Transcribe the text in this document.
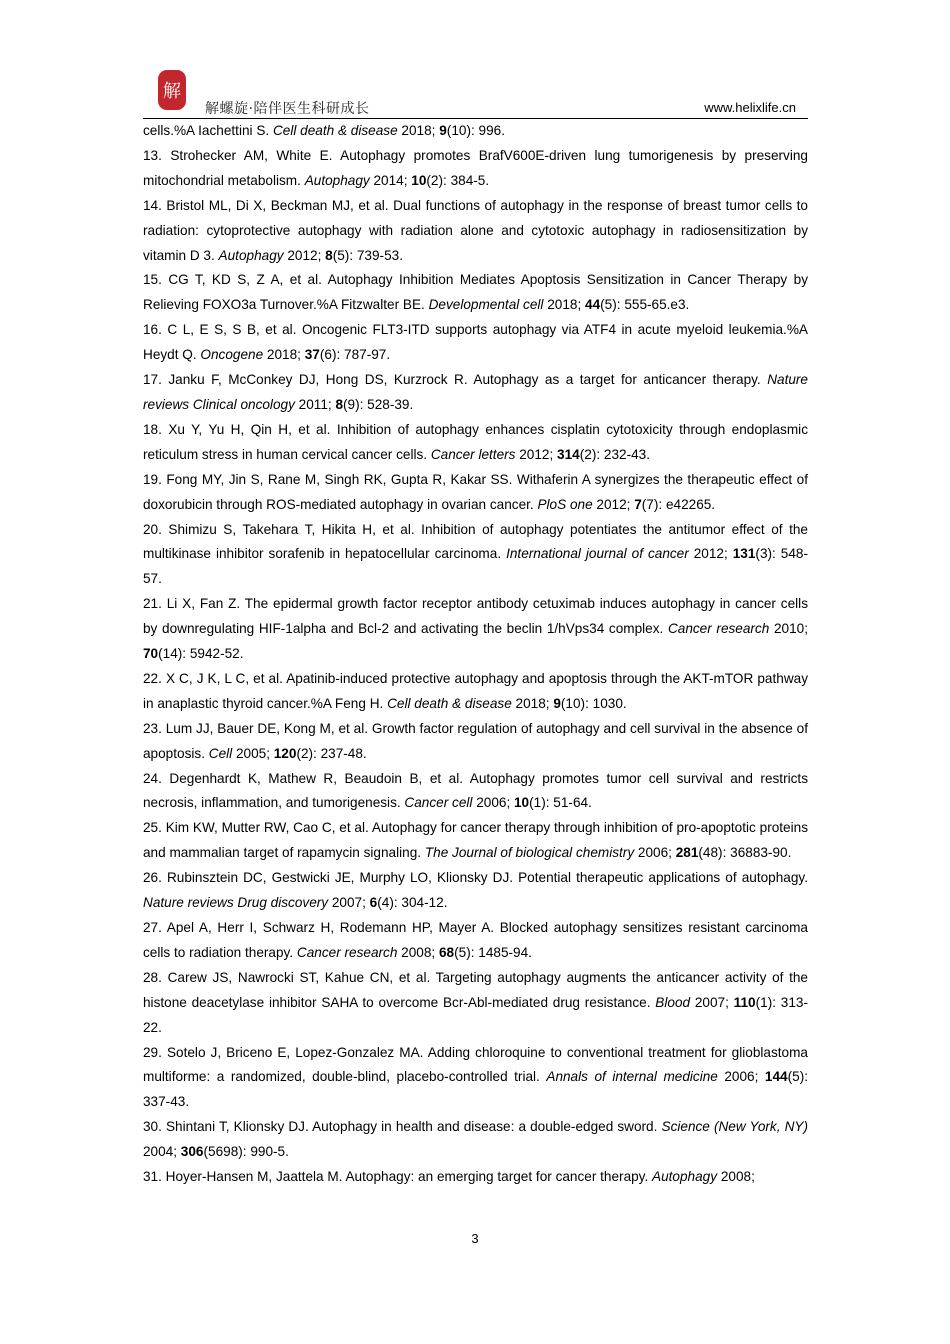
解
解螺旋·陪伴医生科研成长	www.helixlife.cn

cells.%A Iachettini S. Cell death & disease 2018; 9(10): 996.

13. Strohecker AM, White E. Autophagy promotes BrafV600E-driven lung tumorigenesis by preserving mitochondrial metabolism. Autophagy 2014; 10(2): 384-5.

14. Bristol ML, Di X, Beckman MJ, et al. Dual functions of autophagy in the response of breast tumor cells to radiation: cytoprotective autophagy with radiation alone and cytotoxic autophagy in radiosensitization by vitamin D 3. Autophagy 2012; 8(5): 739-53.

15. CG T, KD S, Z A, et al. Autophagy Inhibition Mediates Apoptosis Sensitization in Cancer Therapy by Relieving FOXO3a Turnover.%A Fitzwalter BE. Developmental cell 2018; 44(5): 555-65.e3.

16. C L, E S, S B, et al. Oncogenic FLT3-ITD supports autophagy via ATF4 in acute myeloid leukemia.%A Heydt Q. Oncogene 2018; 37(6): 787-97.

17. Janku F, McConkey DJ, Hong DS, Kurzrock R. Autophagy as a target for anticancer therapy. Nature reviews Clinical oncology 2011; 8(9): 528-39.

18. Xu Y, Yu H, Qin H, et al. Inhibition of autophagy enhances cisplatin cytotoxicity through endoplasmic reticulum stress in human cervical cancer cells. Cancer letters 2012; 314(2): 232-43.

19. Fong MY, Jin S, Rane M, Singh RK, Gupta R, Kakar SS. Withaferin A synergizes the therapeutic effect of doxorubicin through ROS-mediated autophagy in ovarian cancer. PloS one 2012; 7(7): e42265.

20. Shimizu S, Takehara T, Hikita H, et al. Inhibition of autophagy potentiates the antitumor effect of the multikinase inhibitor sorafenib in hepatocellular carcinoma. International journal of cancer 2012; 131(3): 548-57.

21. Li X, Fan Z. The epidermal growth factor receptor antibody cetuximab induces autophagy in cancer cells by downregulating HIF-1alpha and Bcl-2 and activating the beclin 1/hVps34 complex. Cancer research 2010; 70(14): 5942-52.

22. X C, J K, L C, et al. Apatinib-induced protective autophagy and apoptosis through the AKT-mTOR pathway in anaplastic thyroid cancer.%A Feng H. Cell death & disease 2018; 9(10): 1030.

23. Lum JJ, Bauer DE, Kong M, et al. Growth factor regulation of autophagy and cell survival in the absence of apoptosis. Cell 2005; 120(2): 237-48.

24. Degenhardt K, Mathew R, Beaudoin B, et al. Autophagy promotes tumor cell survival and restricts necrosis, inflammation, and tumorigenesis. Cancer cell 2006; 10(1): 51-64.

25. Kim KW, Mutter RW, Cao C, et al. Autophagy for cancer therapy through inhibition of pro-apoptotic proteins and mammalian target of rapamycin signaling. The Journal of biological chemistry 2006; 281(48): 36883-90.

26. Rubinsztein DC, Gestwicki JE, Murphy LO, Klionsky DJ. Potential therapeutic applications of autophagy. Nature reviews Drug discovery 2007; 6(4): 304-12.

27. Apel A, Herr I, Schwarz H, Rodemann HP, Mayer A. Blocked autophagy sensitizes resistant carcinoma cells to radiation therapy. Cancer research 2008; 68(5): 1485-94.

28. Carew JS, Nawrocki ST, Kahue CN, et al. Targeting autophagy augments the anticancer activity of the histone deacetylase inhibitor SAHA to overcome Bcr-Abl-mediated drug resistance. Blood 2007; 110(1): 313-22.

29. Sotelo J, Briceno E, Lopez-Gonzalez MA. Adding chloroquine to conventional treatment for glioblastoma multiforme: a randomized, double-blind, placebo-controlled trial. Annals of internal medicine 2006; 144(5): 337-43.

30. Shintani T, Klionsky DJ. Autophagy in health and disease: a double-edged sword. Science (New York, NY) 2004; 306(5698): 990-5.

31. Hoyer-Hansen M, Jaattela M. Autophagy: an emerging target for cancer therapy. Autophagy 2008;

3
